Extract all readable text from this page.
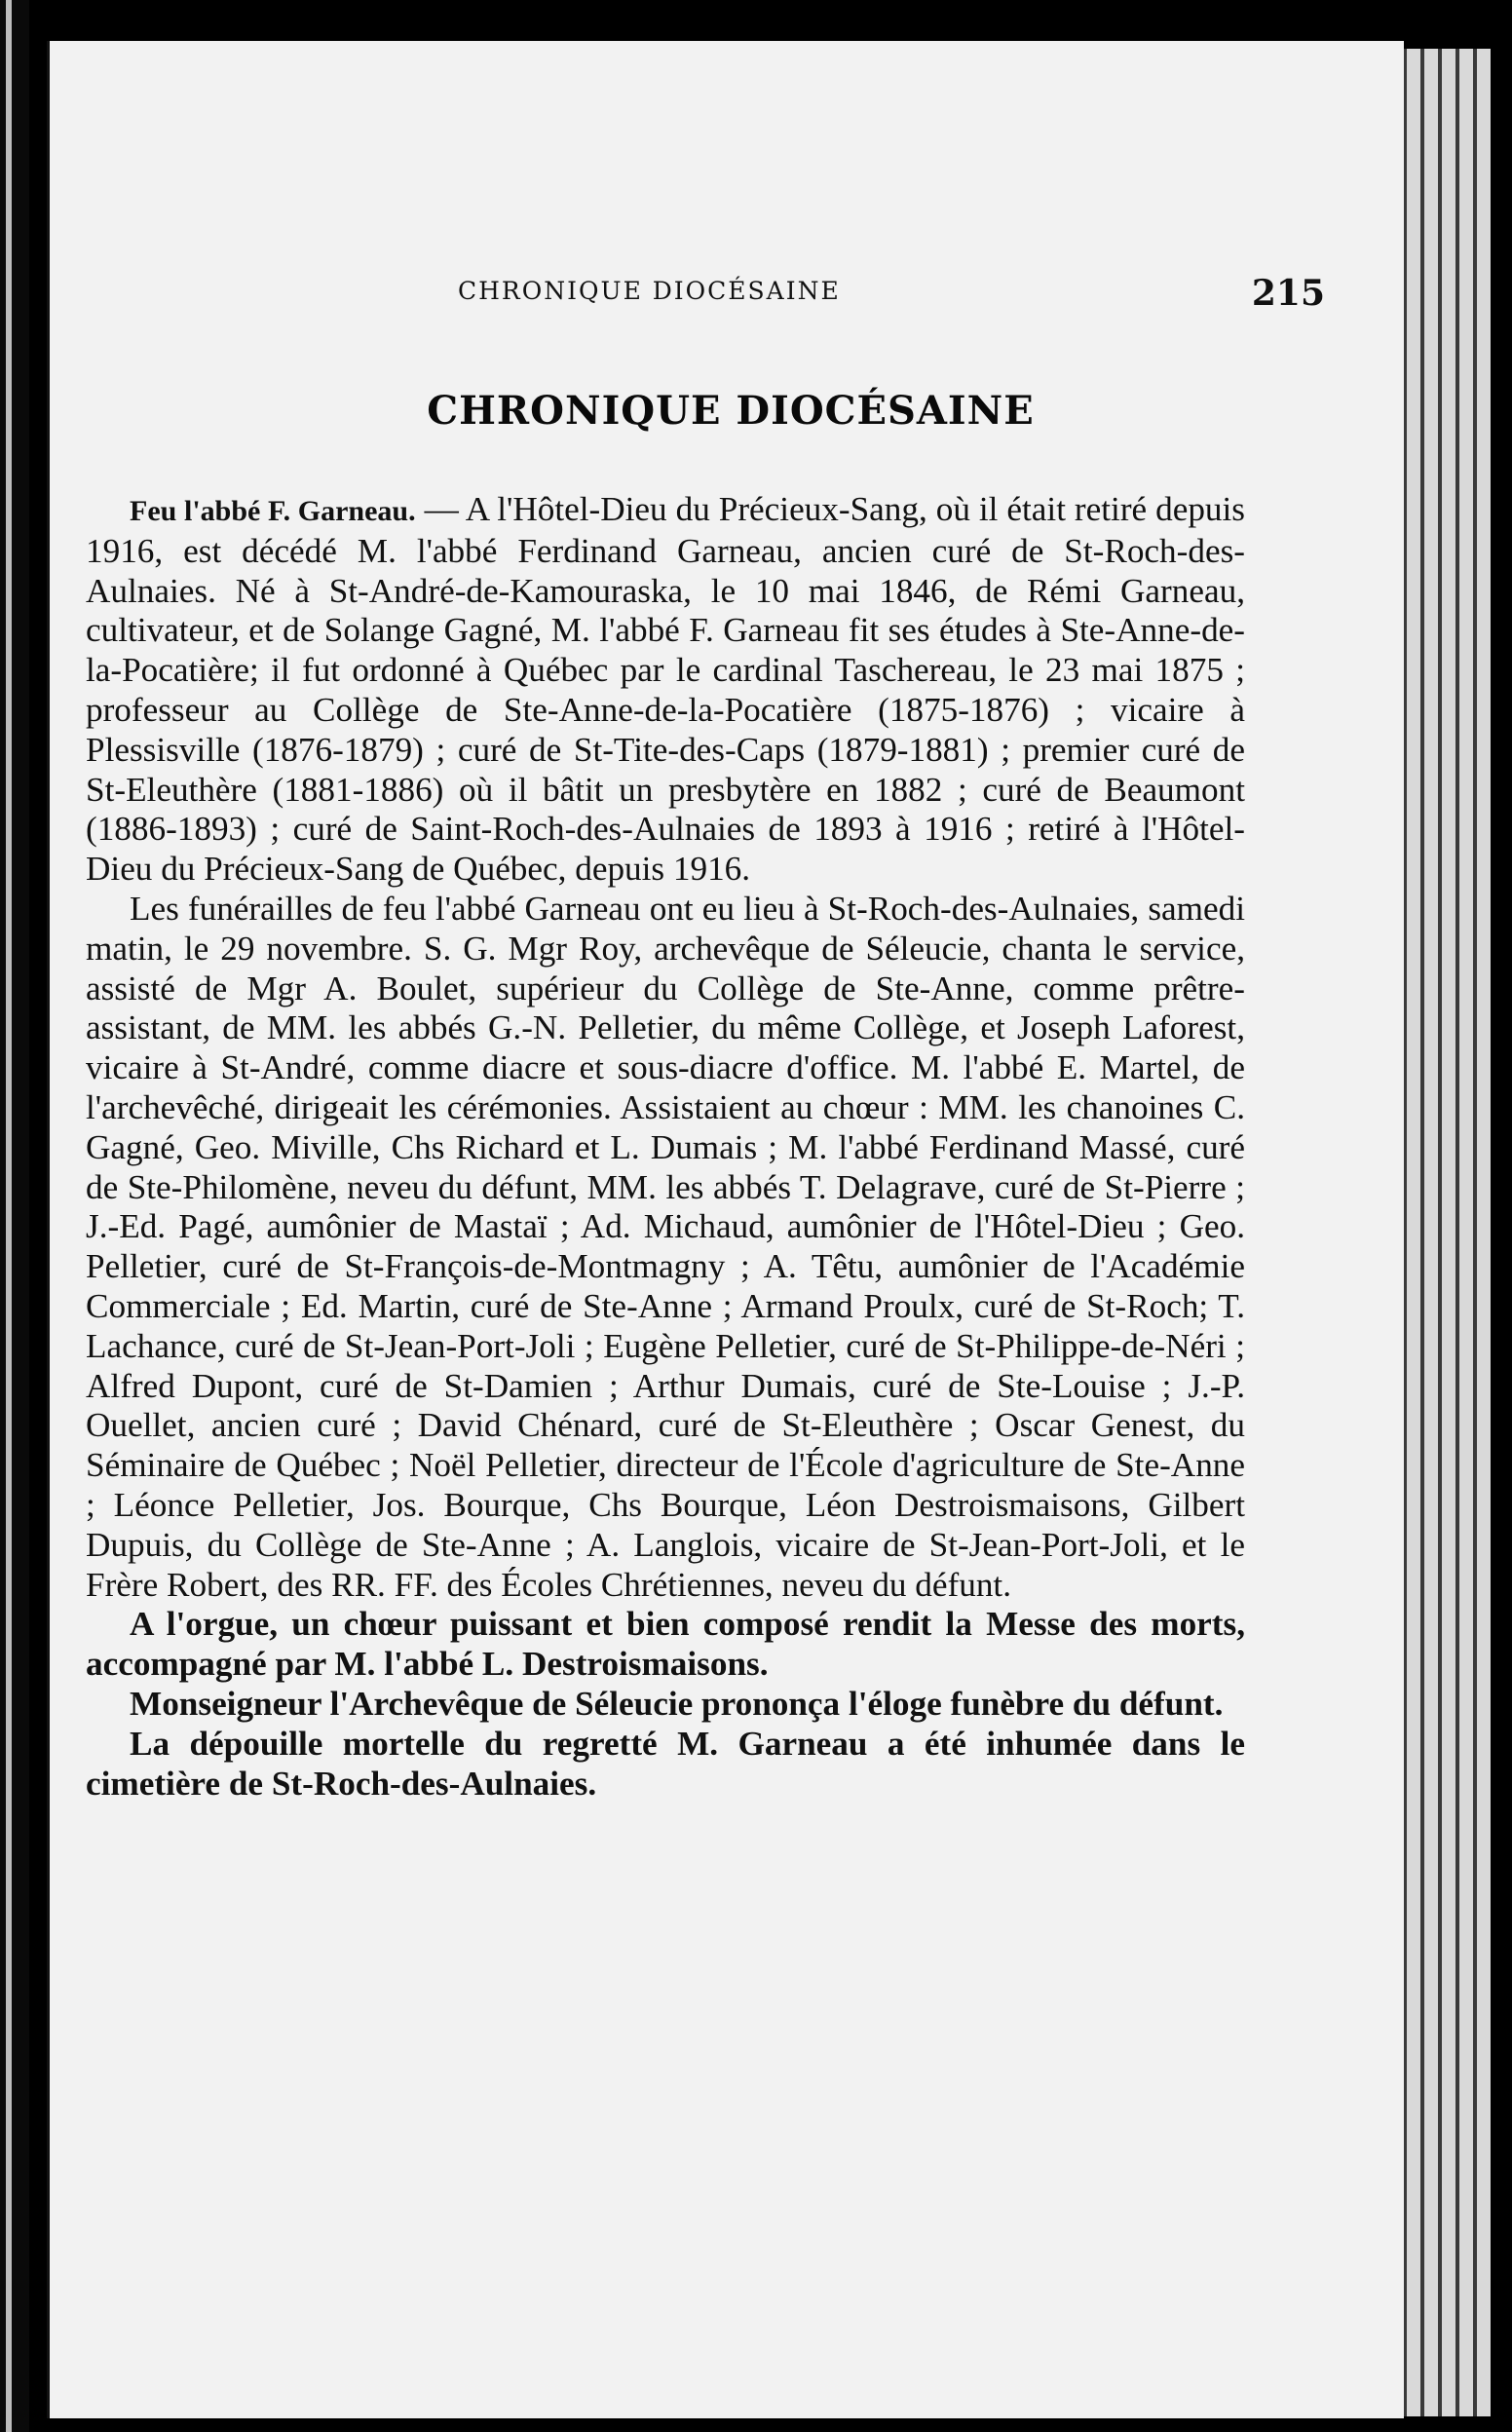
CHRONIQUE DIOCÉSAINE	215
CHRONIQUE DIOCÉSAINE

Feu l'abbé F. Garneau. — A l'Hôtel-Dieu du Précieux-Sang, où il était retiré depuis 1916, est décédé M. l'abbé Ferdinand Garneau, ancien curé de St-Roch-des-Aulnaies. Né à St-André-de-Kamouraska, le 10 mai 1846, de Rémi Garneau, cultivateur, et de Solange Gagné, M. l'abbé F. Garneau fit ses études à Ste-Anne-de-la-Pocatière; il fut ordonné à Québec par le cardinal Taschereau, le 23 mai 1875 ; professeur au Collège de Ste-Anne-de-la-Pocatière (1875-1876) ; vicaire à Plessisville (1876-1879) ; curé de St-Tite-des-Caps (1879-1881) ; premier curé de St-Eleuthère (1881-1886) où il bâtit un presbytère en 1882 ; curé de Beaumont (1886-1893) ; curé de Saint-Roch-des-Aulnaies de 1893 à 1916 ; retiré à l'Hôtel-Dieu du Précieux-Sang de Québec, depuis 1916.

Les funérailles de feu l'abbé Garneau ont eu lieu à St-Roch-des-Aulnaies, samedi matin, le 29 novembre. S. G. Mgr Roy, archevêque de Séleucie, chanta le service, assisté de Mgr A. Boulet, supérieur du Collège de Ste-Anne, comme prêtre-assistant, de MM. les abbés G.-N. Pelletier, du même Collège, et Joseph Laforest, vicaire à St-André, comme diacre et sous-diacre d'office. M. l'abbé E. Martel, de l'archevêché, dirigeait les cérémonies. Assistaient au chœur : MM. les chanoines C. Gagné, Geo. Miville, Chs Richard et L. Dumais ; M. l'abbé Ferdinand Massé, curé de Ste-Philomène, neveu du défunt, MM. les abbés T. Delagrave, curé de St-Pierre ; J.-Ed. Pagé, aumônier de Mastaï ; Ad. Michaud, aumônier de l'Hôtel-Dieu ; Geo. Pelletier, curé de St-François-de-Montmagny ; A. Têtu, aumônier de l'Académie Commerciale ; Ed. Martin, curé de Ste-Anne ; Armand Proulx, curé de St-Roch; T. Lachance, curé de St-Jean-Port-Joli ; Eugène Pelletier, curé de St-Philippe-de-Néri ; Alfred Dupont, curé de St-Damien ; Arthur Dumais, curé de Ste-Louise ; J.-P. Ouellet, ancien curé ; David Chénard, curé de St-Eleuthère ; Oscar Genest, du Séminaire de Québec ; Noël Pelletier, directeur de l'École d'agriculture de Ste-Anne ; Léonce Pelletier, Jos. Bourque, Chs Bourque, Léon Destroismaisons, Gilbert Dupuis, du Collège de Ste-Anne ; A. Langlois, vicaire de St-Jean-Port-Joli, et le Frère Robert, des RR. FF. des Écoles Chrétiennes, neveu du défunt.

A l'orgue, un chœur puissant et bien composé rendit la Messe des morts, accompagné par M. l'abbé L. Destroismaisons.

Monseigneur l'Archevêque de Séleucie prononça l'éloge funèbre du défunt.

La dépouille mortelle du regretté M. Garneau a été inhumée dans le cimetière de St-Roch-des-Aulnaies.
